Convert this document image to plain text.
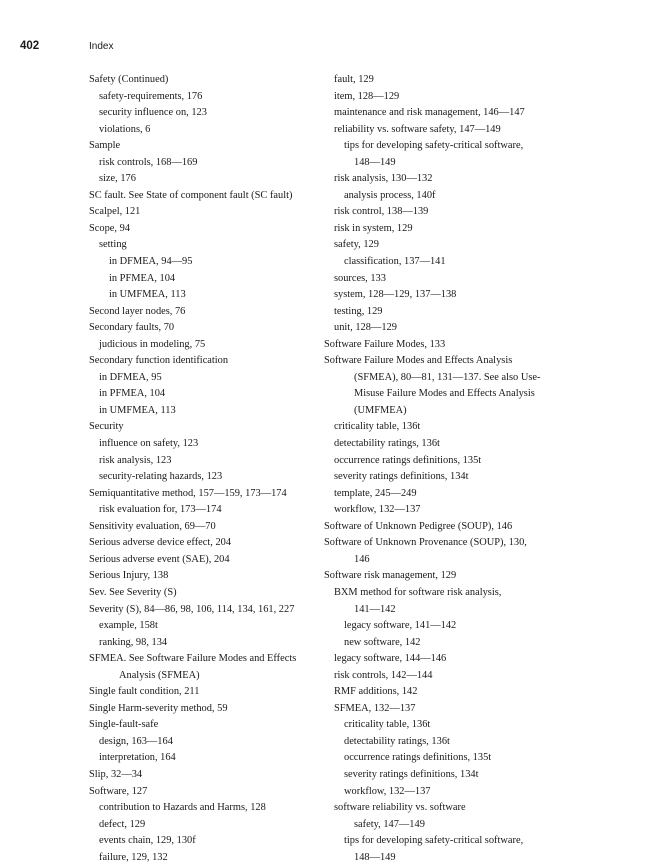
402	Index
Safety (Continued)
safety-requirements, 176
security influence on, 123
violations, 6
Sample
risk controls, 168—169
size, 176
SC fault. See State of component fault (SC fault)
Scalpel, 121
Scope, 94
setting
in DFMEA, 94—95
in PFMEA, 104
in UMFMEA, 113
Second layer nodes, 76
Secondary faults, 70
judicious in modeling, 75
Secondary function identification
in DFMEA, 95
in PFMEA, 104
in UMFMEA, 113
Security
influence on safety, 123
risk analysis, 123
security-relating hazards, 123
Semiquantitative method, 157—159, 173—174
risk evaluation for, 173—174
Sensitivity evaluation, 69—70
Serious adverse device effect, 204
Serious adverse event (SAE), 204
Serious Injury, 138
Sev. See Severity (S)
Severity (S), 84—86, 98, 106, 114, 134, 161, 227
example, 158t
ranking, 98, 134
SFMEA. See Software Failure Modes and Effects
Analysis (SFMEA)
Single fault condition, 211
Single Harm-severity method, 59
Single-fault-safe
design, 163—164
interpretation, 164
Slip, 32—34
Software, 127
contribution to Hazards and Harms, 128
defect, 129
events chain, 129, 130f
failure, 129, 132
fault, 129
item, 128—129
maintenance and risk management, 146—147
reliability vs. software safety, 147—149
tips for developing safety-critical software,
148—149
risk analysis, 130—132
analysis process, 140f
risk control, 138—139
risk in system, 129
safety, 129
classification, 137—141
sources, 133
system, 128—129, 137—138
testing, 129
unit, 128—129
Software Failure Modes, 133
Software Failure Modes and Effects Analysis
(SFMEA), 80—81, 131—137. See also Use-
Misuse Failure Modes and Effects Analysis
(UMFMEA)
criticality table, 136t
detectability ratings, 136t
occurrence ratings definitions, 135t
severity ratings definitions, 134t
template, 245—249
workflow, 132—137
Software of Unknown Pedigree (SOUP), 146
Software of Unknown Provenance (SOUP), 130,
146
Software risk management, 129
BXM method for software risk analysis,
141—142
legacy software, 141—142
new software, 142
legacy software, 144—146
risk controls, 142—144
RMF additions, 142
SFMEA, 132—137
criticality table, 136t
detectability ratings, 136t
occurrence ratings definitions, 135t
severity ratings definitions, 134t
workflow, 132—137
software reliability vs. software
safety, 147—149
tips for developing safety-critical software,
148—149
